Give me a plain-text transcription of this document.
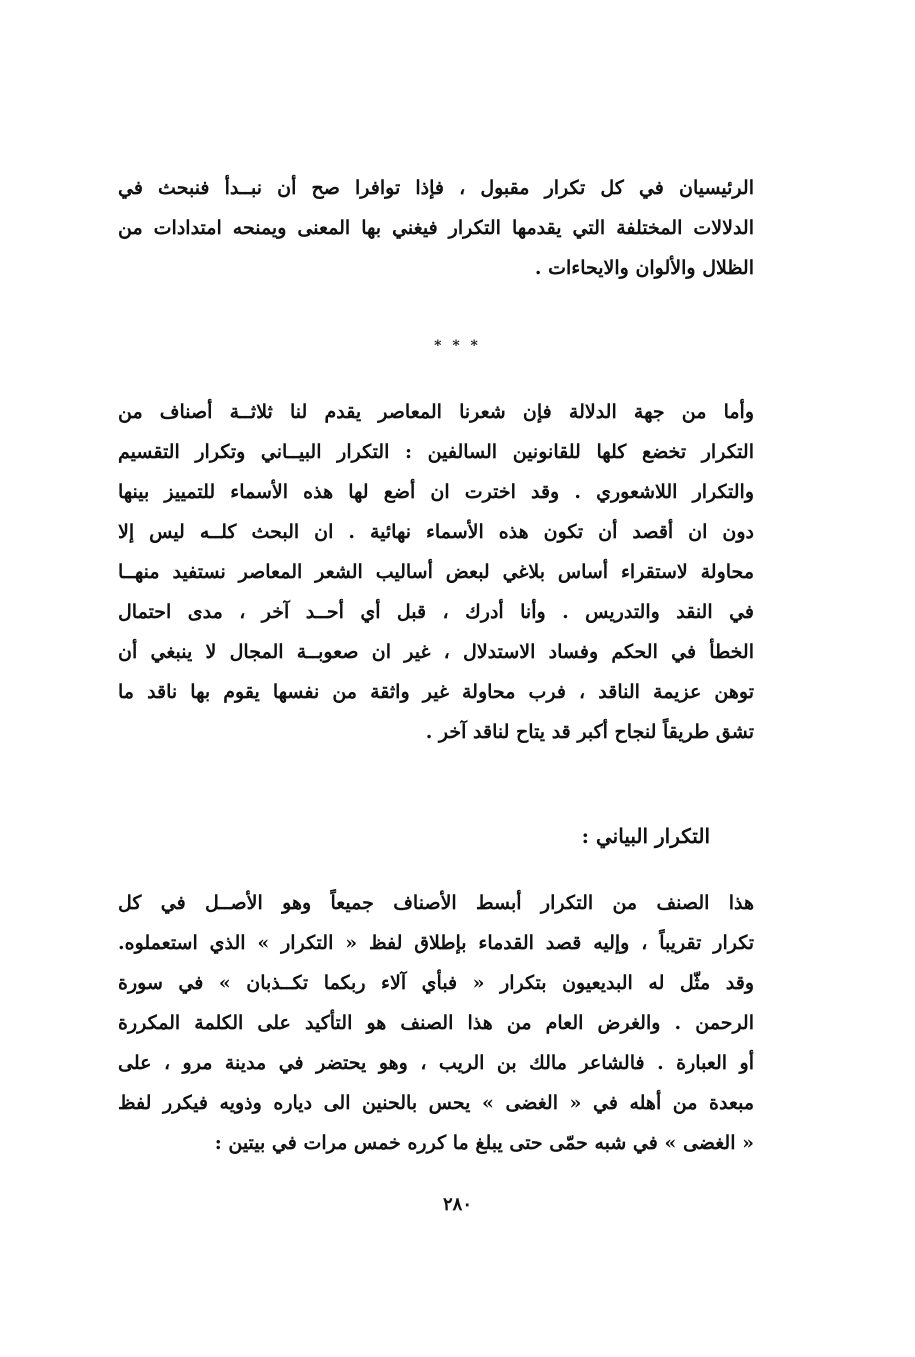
الرئيسيان في كل تكرار مقبول ، فإذا توافرا صح أن نبــدأ فنبحث في
الدلالات المختلفة التي يقدمها التكرار فيغني بها المعنى ويمنحه امتدادات من
الظلال والألوان والايحاءات .
* * *
وأما من جهة الدلالة فإن شعرنا المعاصر يقدم لنا ثلاثــة أصناف من
التكرار تخضع كلها للقانونين السالفين : التكرار البيــاني وتكرار التقسيم
والتكرار اللاشعوري . وقد اخترت ان أضع لها هذه الأسماء للتمييز بينها
دون ان أقصد أن تكون هذه الأسماء نهائية . ان البحث كلــه ليس إلا
محاولة لاستقراء أساس بلاغي لبعض أساليب الشعر المعاصر نستفيد منهــا
في النقد والتدريس . وأنا أدرك ، قبل أي أحــد آخر ، مدى احتمال
الخطأ في الحكم وفساد الاستدلال ، غير ان صعوبــة المجال لا ينبغي أن
توهن عزيمة الناقد ، فرب محاولة غير واثقة من نفسها يقوم بها ناقد ما
تشق طريقاً لنجاح أكبر قد يتاح لناقد آخر .
التكرار البياني :
هذا الصنف من التكرار أبسط الأصناف جميعاً وهو الأصــل في كل
تكرار تقريباً ، وإليه قصد القدماء بإطلاق لفظ « التكرار » الذي استعملوه.
وقد مثّل له البديعيون بتكرار « فبأي آلاء ربكما تكــذبان » في سورة
الرحمن . والغرض العام من هذا الصنف هو التأكيد على الكلمة المكررة
أو العبارة . فالشاعر مالك بن الريب ، وهو يحتضر في مدينة مرو ، على
مبعدة من أهله في « الغضى » يحس بالحنين الى دياره وذويه فيكرر لفظ
« الغضى » في شبه حمّى حتى يبلغ ما كرره خمس مرات في بيتين :
٢٨٠
